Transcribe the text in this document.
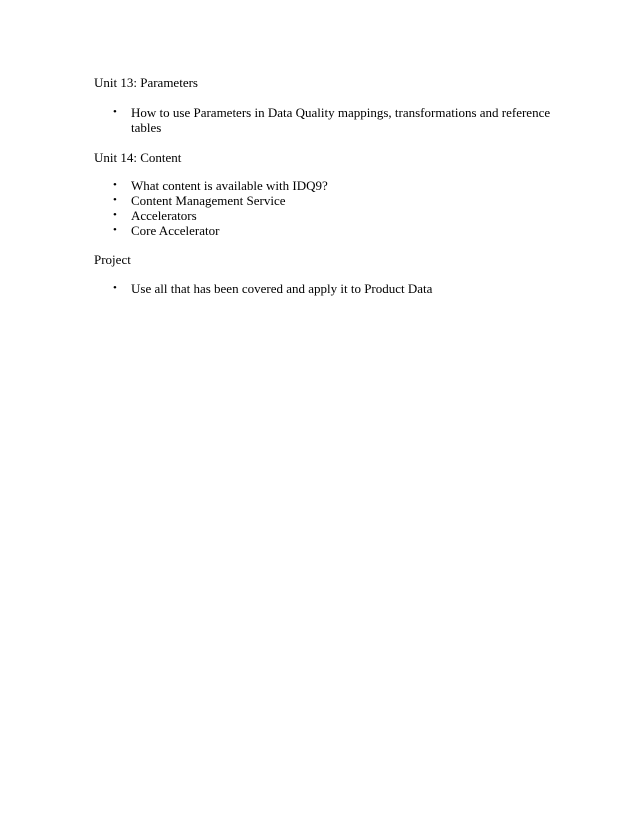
Unit 13: Parameters

• How to use Parameters in Data Quality mappings, transformations and reference tables

Unit 14: Content

• What content is available with IDQ9?
• Content Management Service
• Accelerators
• Core Accelerator

Project

• Use all that has been covered and apply it to Product Data
